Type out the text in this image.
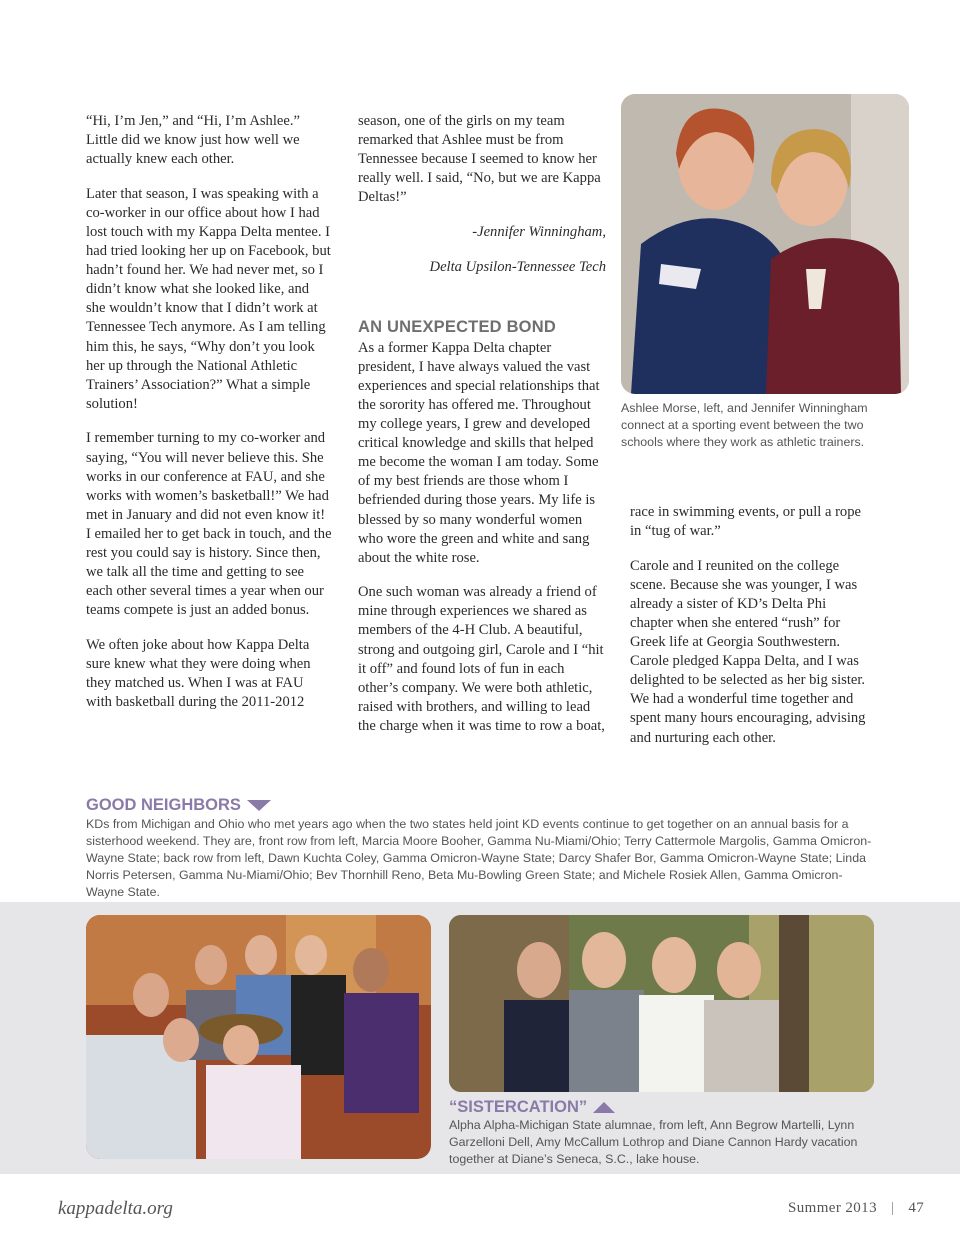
“Hi, I’m Jen,” and “Hi, I’m Ashlee.” Little did we know just how well we actually knew each other.

Later that season, I was speaking with a co-worker in our office about how I had lost touch with my Kappa Delta mentee. I had tried looking her up on Facebook, but hadn’t found her. We had never met, so I didn’t know what she looked like, and she wouldn’t know that I didn’t work at Tennessee Tech anymore. As I am telling him this, he says, “Why don’t you look her up through the National Athletic Trainers’ Association?” What a simple solution!

I remember turning to my co-worker and saying, “You will never believe this. She works in our conference at FAU, and she works with women’s basketball!” We had met in January and did not even know it! I emailed her to get back in touch, and the rest you could say is history. Since then, we talk all the time and getting to see each other several times a year when our teams compete is just an added bonus.

We often joke about how Kappa Delta sure knew what they were doing when they matched us. When I was at FAU with basketball during the 2011-2012

season, one of the girls on my team remarked that Ashlee must be from Tennessee because I seemed to know her really well. I said, “No, but we are Kappa Deltas!”

-Jennifer Winningham,

Delta Upsilon-Tennessee Tech

AN UNEXPECTED BOND

As a former Kappa Delta chapter president, I have always valued the vast experiences and special relationships that the sorority has offered me. Throughout my college years, I grew and developed critical knowledge and skills that helped me become the woman I am today. Some of my best friends are those whom I befriended during those years. My life is blessed by so many wonderful women who wore the green and white and sang about the white rose.

One such woman was already a friend of mine through experiences we shared as members of the 4-H Club. A beautiful, strong and outgoing girl, Carole and I “hit it off” and found lots of fun in each other’s company. We were both athletic, raised with brothers, and willing to lead the charge when it was time to row a boat,

Ashlee Morse, left, and Jennifer Winningham connect at a sporting event between the two schools where they work as athletic trainers.

race in swimming events, or pull a rope in “tug of war.”

Carole and I reunited on the college scene. Because she was younger, I was already a sister of KD’s Delta Phi chapter when she entered “rush” for Greek life at Georgia Southwestern. Carole pledged Kappa Delta, and I was delighted to be selected as her big sister. We had a wonderful time together and spent many hours encouraging, advising and nurturing each other.

GOOD NEIGHBORS
KDs from Michigan and Ohio who met years ago when the two states held joint KD events continue to get together on an annual basis for a sisterhood weekend. They are, front row from left, Marcia Moore Booher, Gamma Nu-Miami/Ohio; Terry Cattermole Margolis, Gamma Omicron-Wayne State; back row from left, Dawn Kuchta Coley, Gamma Omicron-Wayne State; Darcy Shafer Bor, Gamma Omicron-Wayne State; Linda Norris Petersen, Gamma Nu-Miami/Ohio; Bev Thornhill Reno, Beta Mu-Bowling Green State; and Michele Rosiek Allen, Gamma Omicron-Wayne State.
“SISTERCATION”
Alpha Alpha-Michigan State alumnae, from left, Ann Begrow Martelli, Lynn Garzelloni Dell, Amy McCallum Lothrop and Diane Cannon Hardy vacation together at Diane’s Seneca, S.C., lake house.
kappadelta.org	Summer 2013 | 47
